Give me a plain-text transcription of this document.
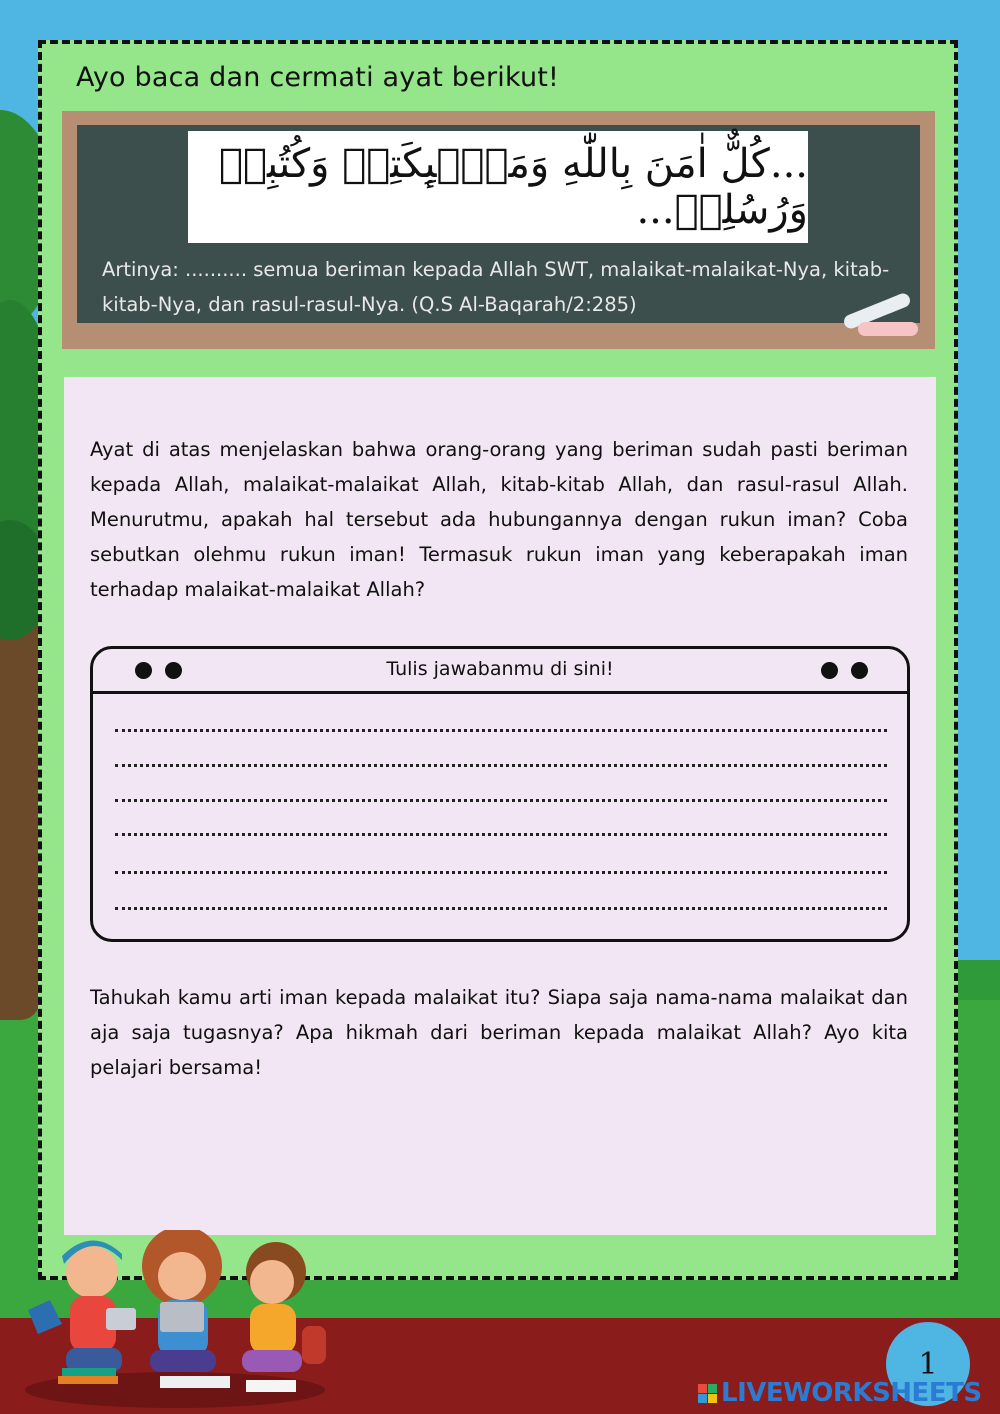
Ayo baca dan cermati ayat berikut!
...كُلٌّ اٰمَنَ بِاللّٰهِ وَمَلٰۤىِٕكَتِهٖ وَكُتُبِهٖ وَرُسُلِهٖ...
Artinya: .......... semua beriman kepada Allah SWT, malaikat-malaikat-Nya, kitab-
kitab-Nya, dan rasul-rasul-Nya. (Q.S Al-Baqarah/2:285)
Ayat di atas menjelaskan bahwa orang-orang yang beriman sudah pasti beriman kepada Allah, malaikat-malaikat Allah, kitab-kitab Allah, dan rasul-rasul Allah. Menurutmu, apakah hal tersebut ada hubungannya dengan rukun iman? Coba sebutkan olehmu rukun iman! Termasuk rukun iman yang keberapakah iman terhadap malaikat-malaikat Allah?
Tulis jawabanmu di sini!
Tahukah kamu arti iman kepada malaikat itu? Siapa saja nama-nama malaikat dan aja saja tugasnya? Apa hikmah dari beriman kepada malaikat Allah? Ayo kita pelajari bersama!
1
LIVEWORKSHEETS
